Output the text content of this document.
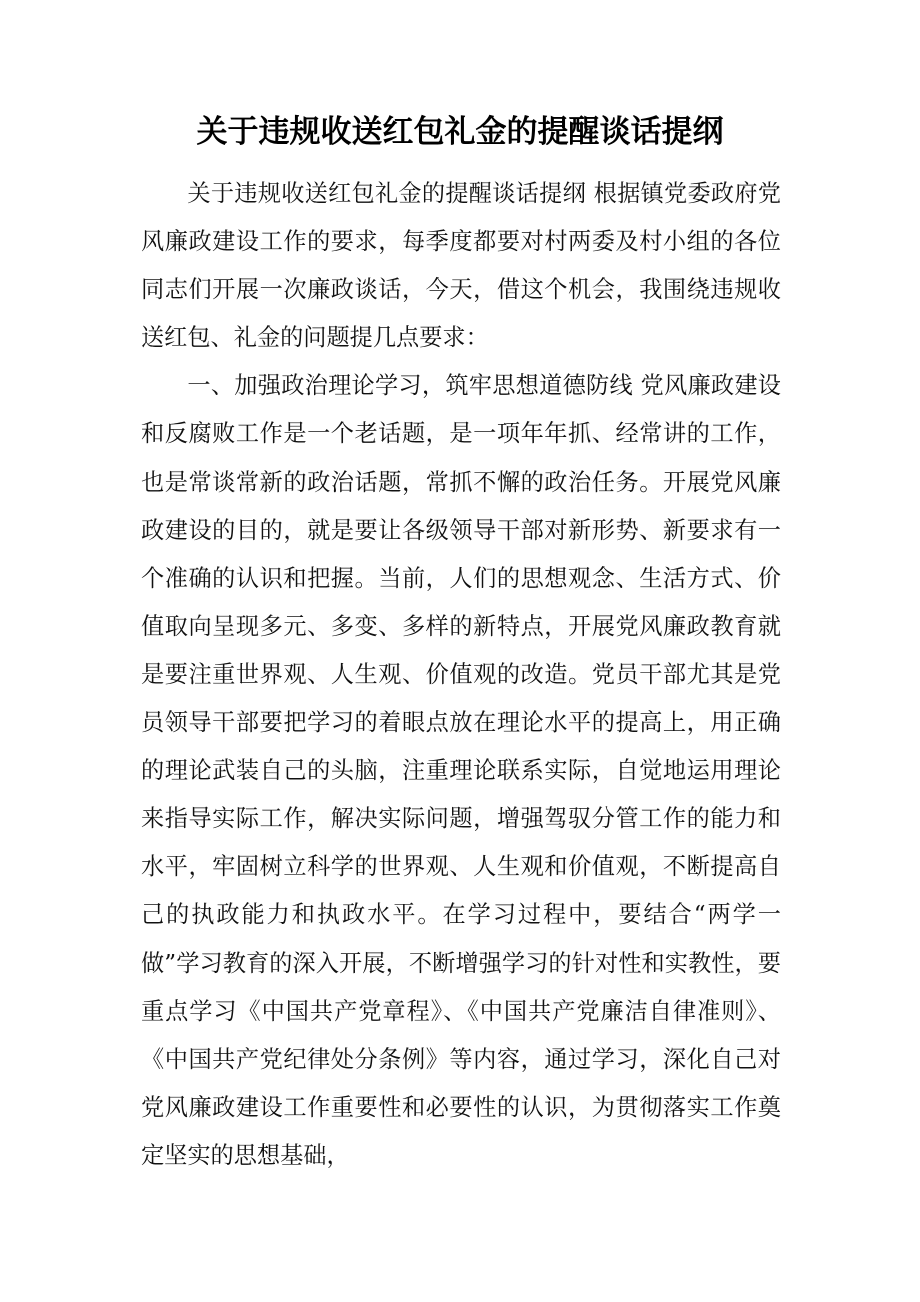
关于违规收送红包礼金的提醒谈话提纲

关于违规收送红包礼金的提醒谈话提纲 根据镇党委政府党风廉政建设工作的要求，每季度都要对村两委及村小组的各位同志们开展一次廉政谈话，今天，借这个机会，我围绕违规收送红包、礼金的问题提几点要求：

一、加强政治理论学习，筑牢思想道德防线 党风廉政建设和反腐败工作是一个老话题，是一项年年抓、经常讲的工作，也是常谈常新的政治话题，常抓不懈的政治任务。开展党风廉政建设的目的，就是要让各级领导干部对新形势、新要求有一个准确的认识和把握。当前，人们的思想观念、生活方式、价值取向呈现多元、多变、多样的新特点，开展党风廉政教育就是要注重世界观、人生观、价值观的改造。党员干部尤其是党员领导干部要把学习的着眼点放在理论水平的提高上，用正确的理论武装自己的头脑，注重理论联系实际，自觉地运用理论来指导实际工作，解决实际问题，增强驾驭分管工作的能力和水平，牢固树立科学的世界观、人生观和价值观，不断提高自己的执政能力和执政水平。在学习过程中，要结合“两学一做”学习教育的深入开展，不断增强学习的针对性和实教性，要重点学习《中国共产党章程》、《中国共产党廉洁自律准则》、《中国共产党纪律处分条例》等内容，通过学习，深化自己对党风廉政建设工作重要性和必要性的认识，为贯彻落实工作奠定坚实的思想基础，
